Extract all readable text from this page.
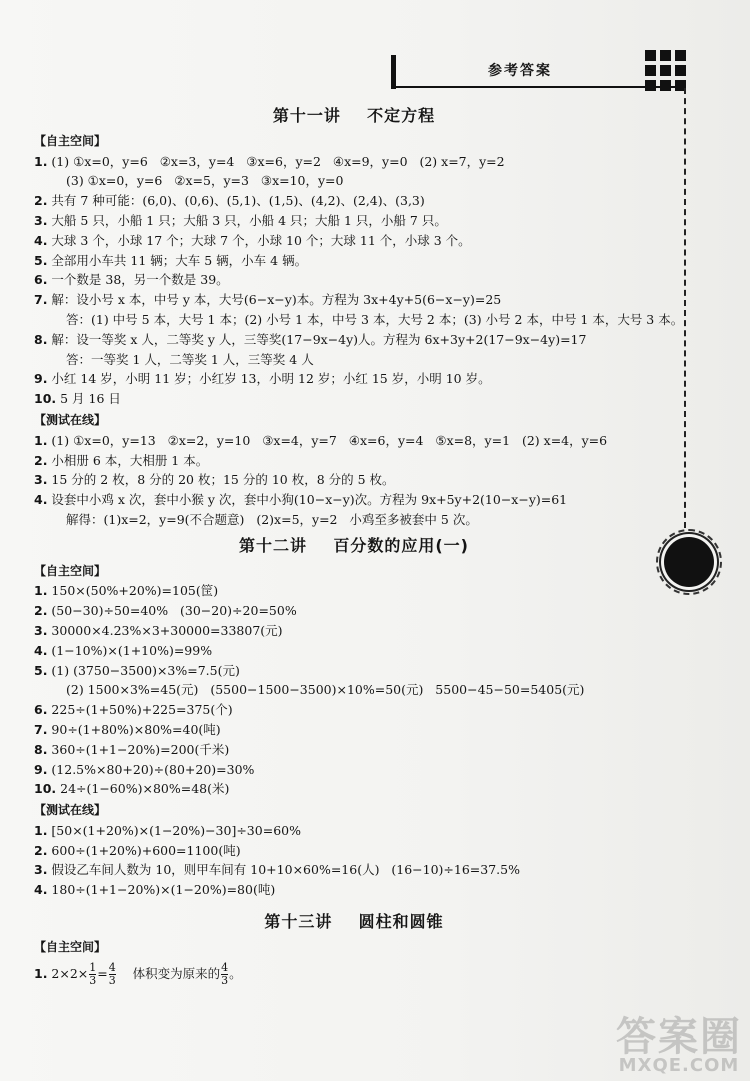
参考答案
第十一讲    不定方程
【自主空间】
1. (1) ①x=0，y=6   ②x=3，y=4   ③x=6，y=2   ④x=9，y=0   (2) x=7，y=2
(3) ①x=0，y=6   ②x=5，y=3   ③x=10，y=0
2. 共有 7 种可能：(6,0)、(0,6)、(5,1)、(1,5)、(4,2)、(2,4)、(3,3)
3. 大船 5 只，小船 1 只；大船 3 只，小船 4 只；大船 1 只，小船 7 只。
4. 大球 3 个，小球 17 个；大球 7 个，小球 10 个；大球 11 个，小球 3 个。
5. 全部用小车共 11 辆；大车 5 辆，小车 4 辆。
6. 一个数是 38，另一个数是 39。
7. 解：设小号 x 本，中号 y 本，大号(6−x−y)本。方程为 3x+4y+5(6−x−y)=25
答：(1) 中号 5 本，大号 1 本；(2) 小号 1 本，中号 3 本，大号 2 本；(3) 小号 2 本，中号 1 本，大号 3 本。
8. 解：设一等奖 x 人，二等奖 y 人，三等奖(17−9x−4y)人。方程为 6x+3y+2(17−9x−4y)=17
答：一等奖 1 人，二等奖 1 人，三等奖 4 人
9. 小红 14 岁，小明 11 岁；小红岁 13，小明 12 岁；小红 15 岁，小明 10 岁。
10. 5 月 16 日
【测试在线】
1. (1) ①x=0，y=13   ②x=2，y=10   ③x=4，y=7   ④x=6，y=4   ⑤x=8，y=1   (2) x=4，y=6
2. 小相册 6 本，大相册 1 本。
3. 15 分的 2 枚，8 分的 20 枚；15 分的 10 枚，8 分的 5 枚。
4. 设套中小鸡 x 次，套中小猴 y 次，套中小狗(10−x−y)次。方程为 9x+5y+2(10−x−y)=61
解得：(1)x=2，y=9(不合题意)   (2)x=5，y=2   小鸡至多被套中 5 次。
第十二讲    百分数的应用(一)
【自主空间】
1. 150×(50%+20%)=105(筐)
2. (50−30)÷50=40%   (30−20)÷20=50%
3. 30000×4.23%×3+30000=33807(元)
4. (1−10%)×(1+10%)=99%
5. (1) (3750−3500)×3%=7.5(元)
(2) 1500×3%=45(元)   (5500−1500−3500)×10%=50(元)   5500−45−50=5405(元)
6. 225÷(1+50%)+225=375(个)
7. 90÷(1+80%)×80%=40(吨)
8. 360÷(1+1−20%)=200(千米)
9. (12.5%×80+20)÷(80+20)=30%
10. 24÷(1−60%)×80%=48(米)
【测试在线】
1. [50×(1+20%)×(1−20%)−30]÷30=60%
2. 600÷(1+20%)+600=1100(吨)
3. 假设乙车间人数为 10，则甲车间有 10+10×60%=16(人)   (16−10)÷16=37.5%
4. 180÷(1+1−20%)×(1−20%)=80(吨)
第十三讲    圆柱和圆锥
【自主空间】
1. $2\times 2\times \frac{1}{3} = \frac{4}{3}$ 体积变为原来的 $\frac{4}{3}$ 。
答案圈
MXQE.COM
